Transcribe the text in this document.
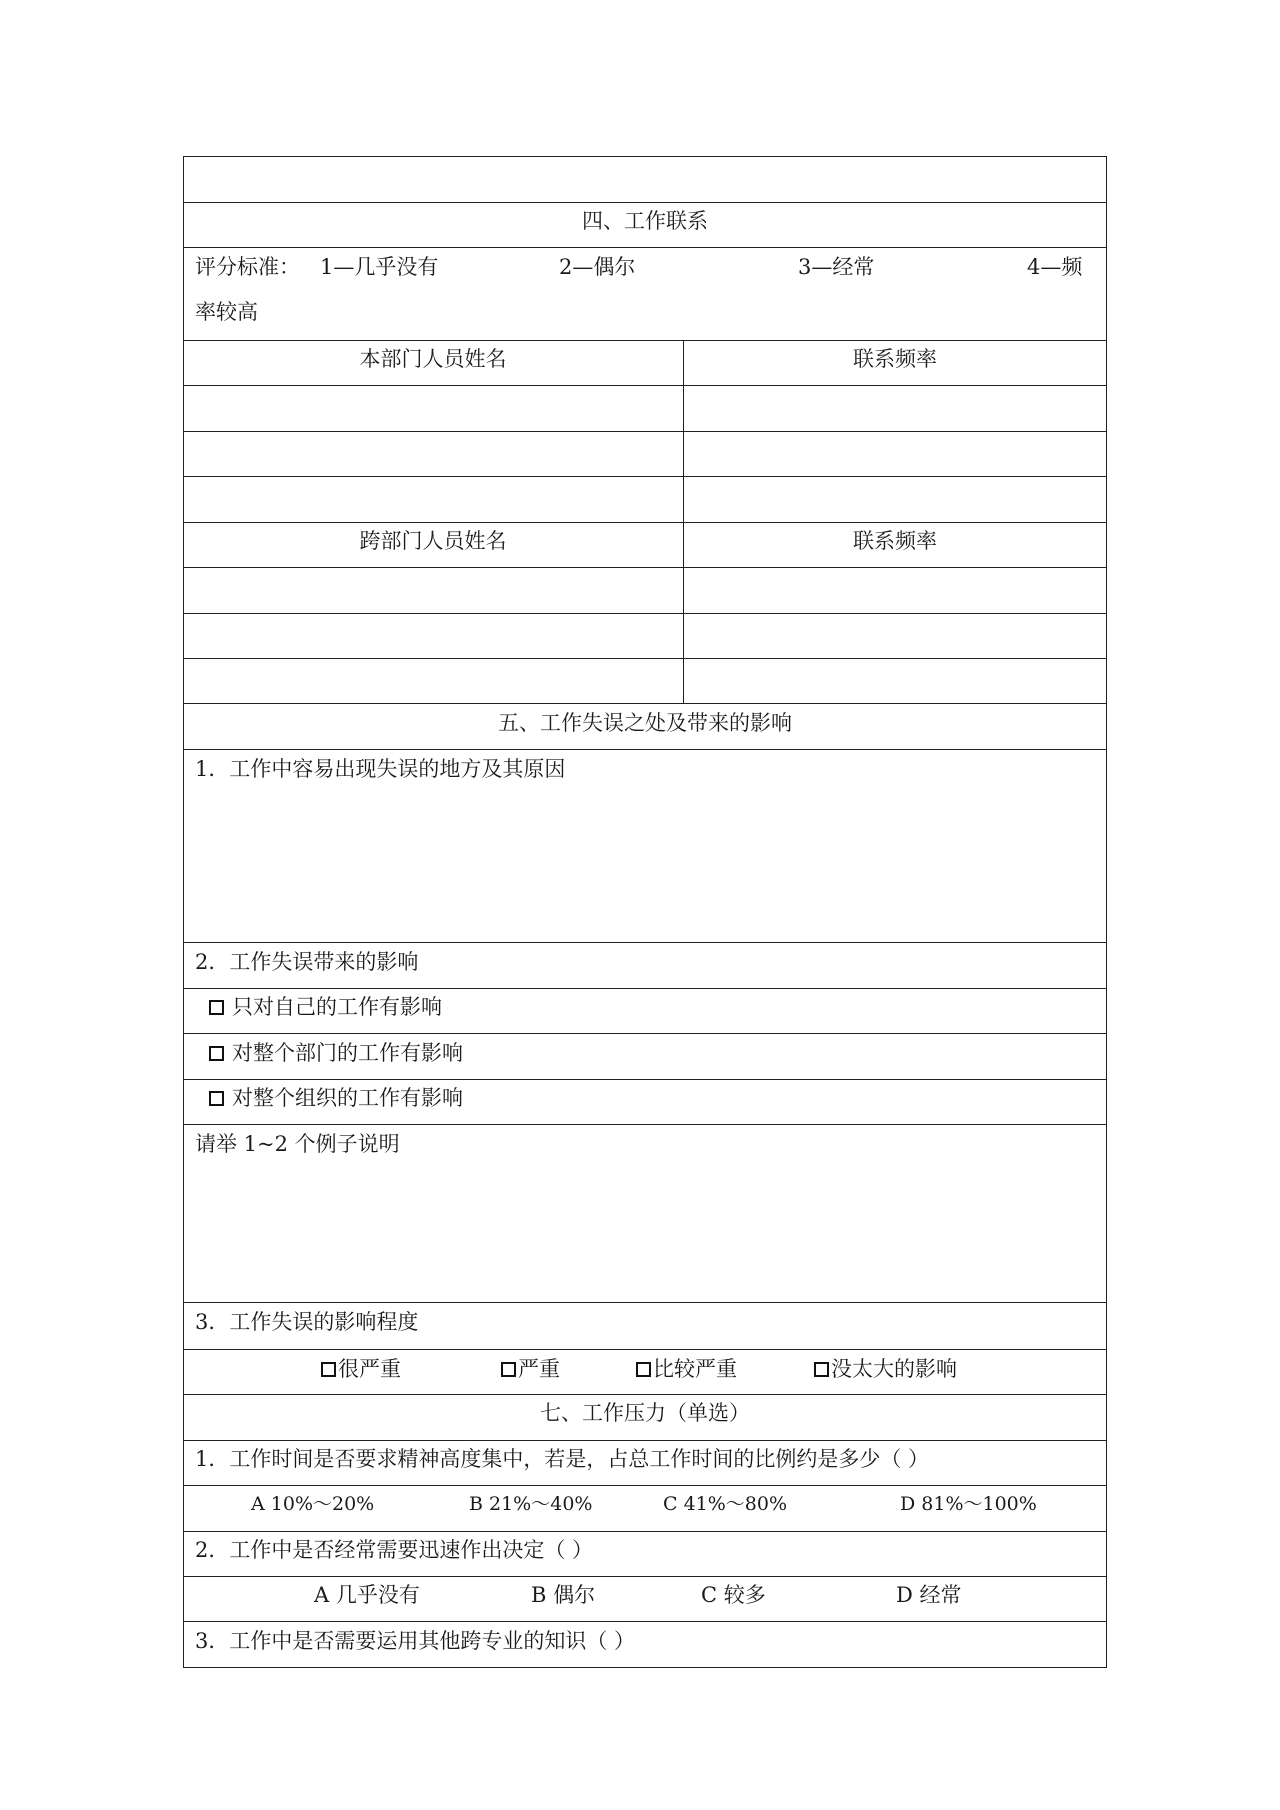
四、工作联系
评分标准： 1—几乎没有	2—偶尔	3—经常	4—频
率较高
本部门人员姓名	联系频率
跨部门人员姓名	联系频率
五、工作失误之处及带来的影响
1．工作中容易出现失误的地方及其原因
2．工作失误带来的影响
只对自己的工作有影响
对整个部门的工作有影响
对整个组织的工作有影响
请举 1~2 个例子说明
3．工作失误的影响程度
很严重	严重	比较严重	没太大的影响
七、工作压力（单选）
1．工作时间是否要求精神高度集中，若是，占总工作时间的比例约是多少（ ）
A 10%～20%	B 21%～40%	C 41%～80%	D 81%～100%
2．工作中是否经常需要迅速作出决定（ ）
A 几乎没有	B 偶尔	C 较多	D 经常
3．工作中是否需要运用其他跨专业的知识（ ）
